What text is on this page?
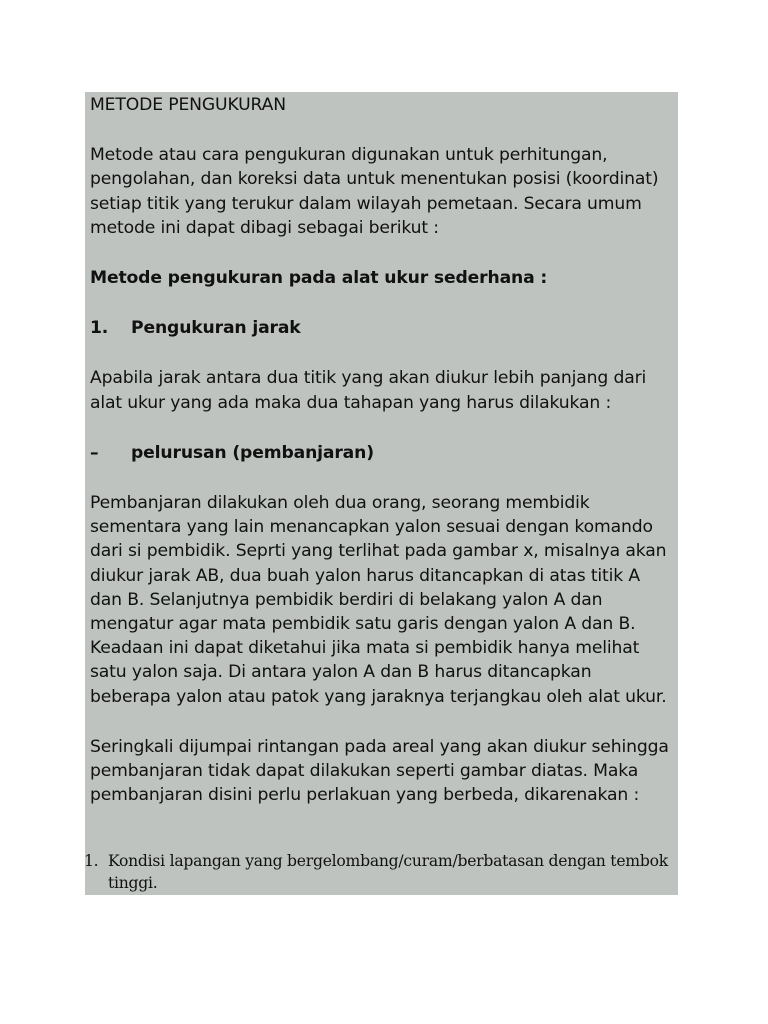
METODE PENGUKURAN

Metode atau cara pengukuran digunakan untuk perhitungan, pengolahan, dan koreksi data untuk menentukan posisi (koordinat) setiap titik yang terukur dalam wilayah pemetaan. Secara umum metode ini dapat dibagi sebagai berikut :

Metode pengukuran pada alat ukur sederhana :

1.	Pengukuran jarak

Apabila jarak antara dua titik yang akan diukur lebih panjang dari alat ukur yang ada maka dua tahapan yang harus dilakukan :

–	pelurusan (pembanjaran)

Pembanjaran dilakukan oleh dua orang, seorang membidik sementara yang lain menancapkan yalon sesuai dengan komando dari si pembidik. Seprti yang terlihat pada gambar x, misalnya akan diukur jarak AB, dua buah yalon harus ditancapkan di atas titik A dan B. Selanjutnya pembidik berdiri di belakang yalon A dan mengatur agar mata pembidik satu garis dengan yalon A dan B. Keadaan ini dapat diketahui jika mata si pembidik hanya melihat satu yalon saja. Di antara yalon A dan B harus ditancapkan beberapa yalon atau patok yang jaraknya terjangkau oleh alat ukur.

Seringkali dijumpai rintangan pada areal yang akan diukur sehingga pembanjaran tidak dapat dilakukan seperti gambar diatas. Maka pembanjaran disini perlu perlakuan yang berbeda, dikarenakan :

1. Kondisi lapangan yang bergelombang/curam/berbatasan dengan tembok tinggi.
